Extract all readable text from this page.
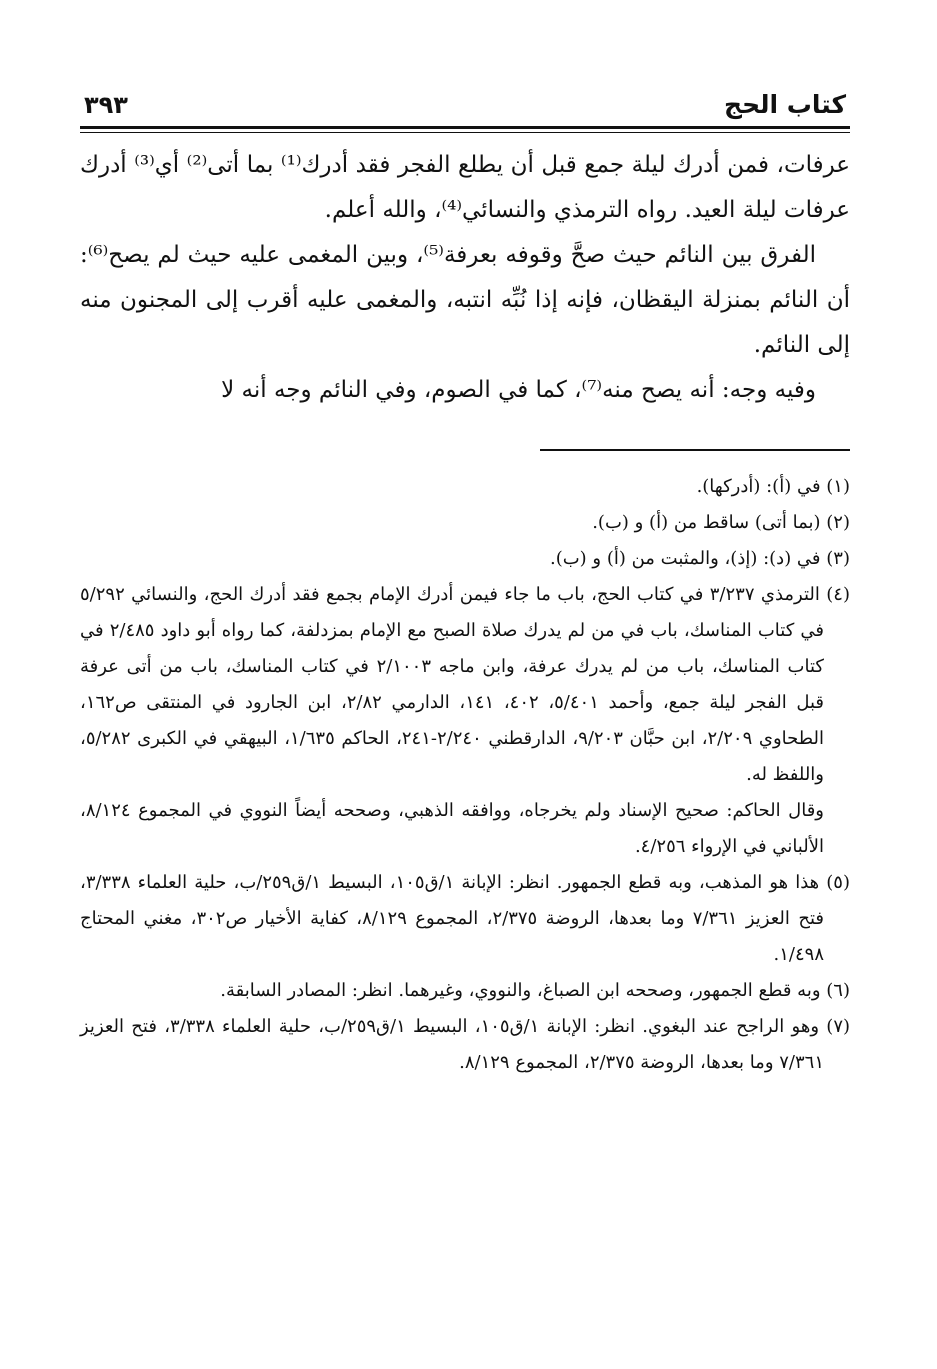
كتاب الحج
٣٩٣

عرفات، فمن أدرك ليلة جمع قبل أن يطلع الفجر فقد أدرك⁽¹⁾ بما أتى⁽²⁾ أي⁽³⁾ أدرك عرفات ليلة العيد. رواه الترمذي والنسائي⁽⁴⁾، والله أعلم.

الفرق بين النائم حيث صحَّ وقوفه بعرفة⁽⁵⁾، وبين المغمى عليه حيث لم يصح⁽⁶⁾: أن النائم بمنزلة اليقظان، فإنه إذا نُبِّه انتبه، والمغمى عليه أقرب إلى المجنون منه إلى النائم.

وفيه وجه: أنه يصح منه⁽⁷⁾، كما في الصوم، وفي النائم وجه أنه لا

(١) في (أ): (أدركها).

(٢) (بما أتى) ساقط من (أ) و (ب).

(٣) في (د): (إذ)، والمثبت من (أ) و (ب).

(٤) الترمذي ٣/٢٣٧ في كتاب الحج، باب ما جاء فيمن أدرك الإمام بجمع فقد أدرك الحج، والنسائي ٥/٢٩٢ في كتاب المناسك، باب في من لم يدرك صلاة الصبح مع الإمام بمزدلفة، كما رواه أبو داود ٢/٤٨٥ في كتاب المناسك، باب من لم يدرك عرفة، وابن ماجه ٢/١٠٠٣ في كتاب المناسك، باب من أتى عرفة قبل الفجر ليلة جمع، وأحمد ٥/٤٠١، ٤٠٢، ١٤١، الدارمي ٢/٨٢، ابن الجارود في المنتقى ص١٦٢، الطحاوي ٢/٢٠٩، ابن حبَّان ٩/٢٠٣، الدارقطني ٢/٢٤٠-٢٤١، الحاكم ١/٦٣٥، البيهقي في الكبرى ٥/٢٨٢، واللفظ له.

وقال الحاكم: صحيح الإسناد ولم يخرجاه، ووافقه الذهبي، وصححه أيضاً النووي في المجموع ٨/١٢٤، الألباني في الإرواء ٤/٢٥٦.

(٥) هذا هو المذهب، وبه قطع الجمهور. انظر: الإبانة ١/ق١٠٥، البسيط ١/ق٢٥٩/ب، حلية العلماء ٣/٣٣٨، فتح العزيز ٧/٣٦١ وما بعدها، الروضة ٢/٣٧٥، المجموع ٨/١٢٩، كفاية الأخيار ص٣٠٢، مغني المحتاج ١/٤٩٨.

(٦) وبه قطع الجمهور، وصححه ابن الصباغ، والنووي، وغيرهما. انظر: المصادر السابقة.

(٧) وهو الراجح عند البغوي. انظر: الإبانة ١/ق١٠٥، البسيط ١/ق٢٥٩/ب، حلية العلماء ٣/٣٣٨، فتح العزيز ٧/٣٦١ وما بعدها، الروضة ٢/٣٧٥، المجموع ٨/١٢٩.
